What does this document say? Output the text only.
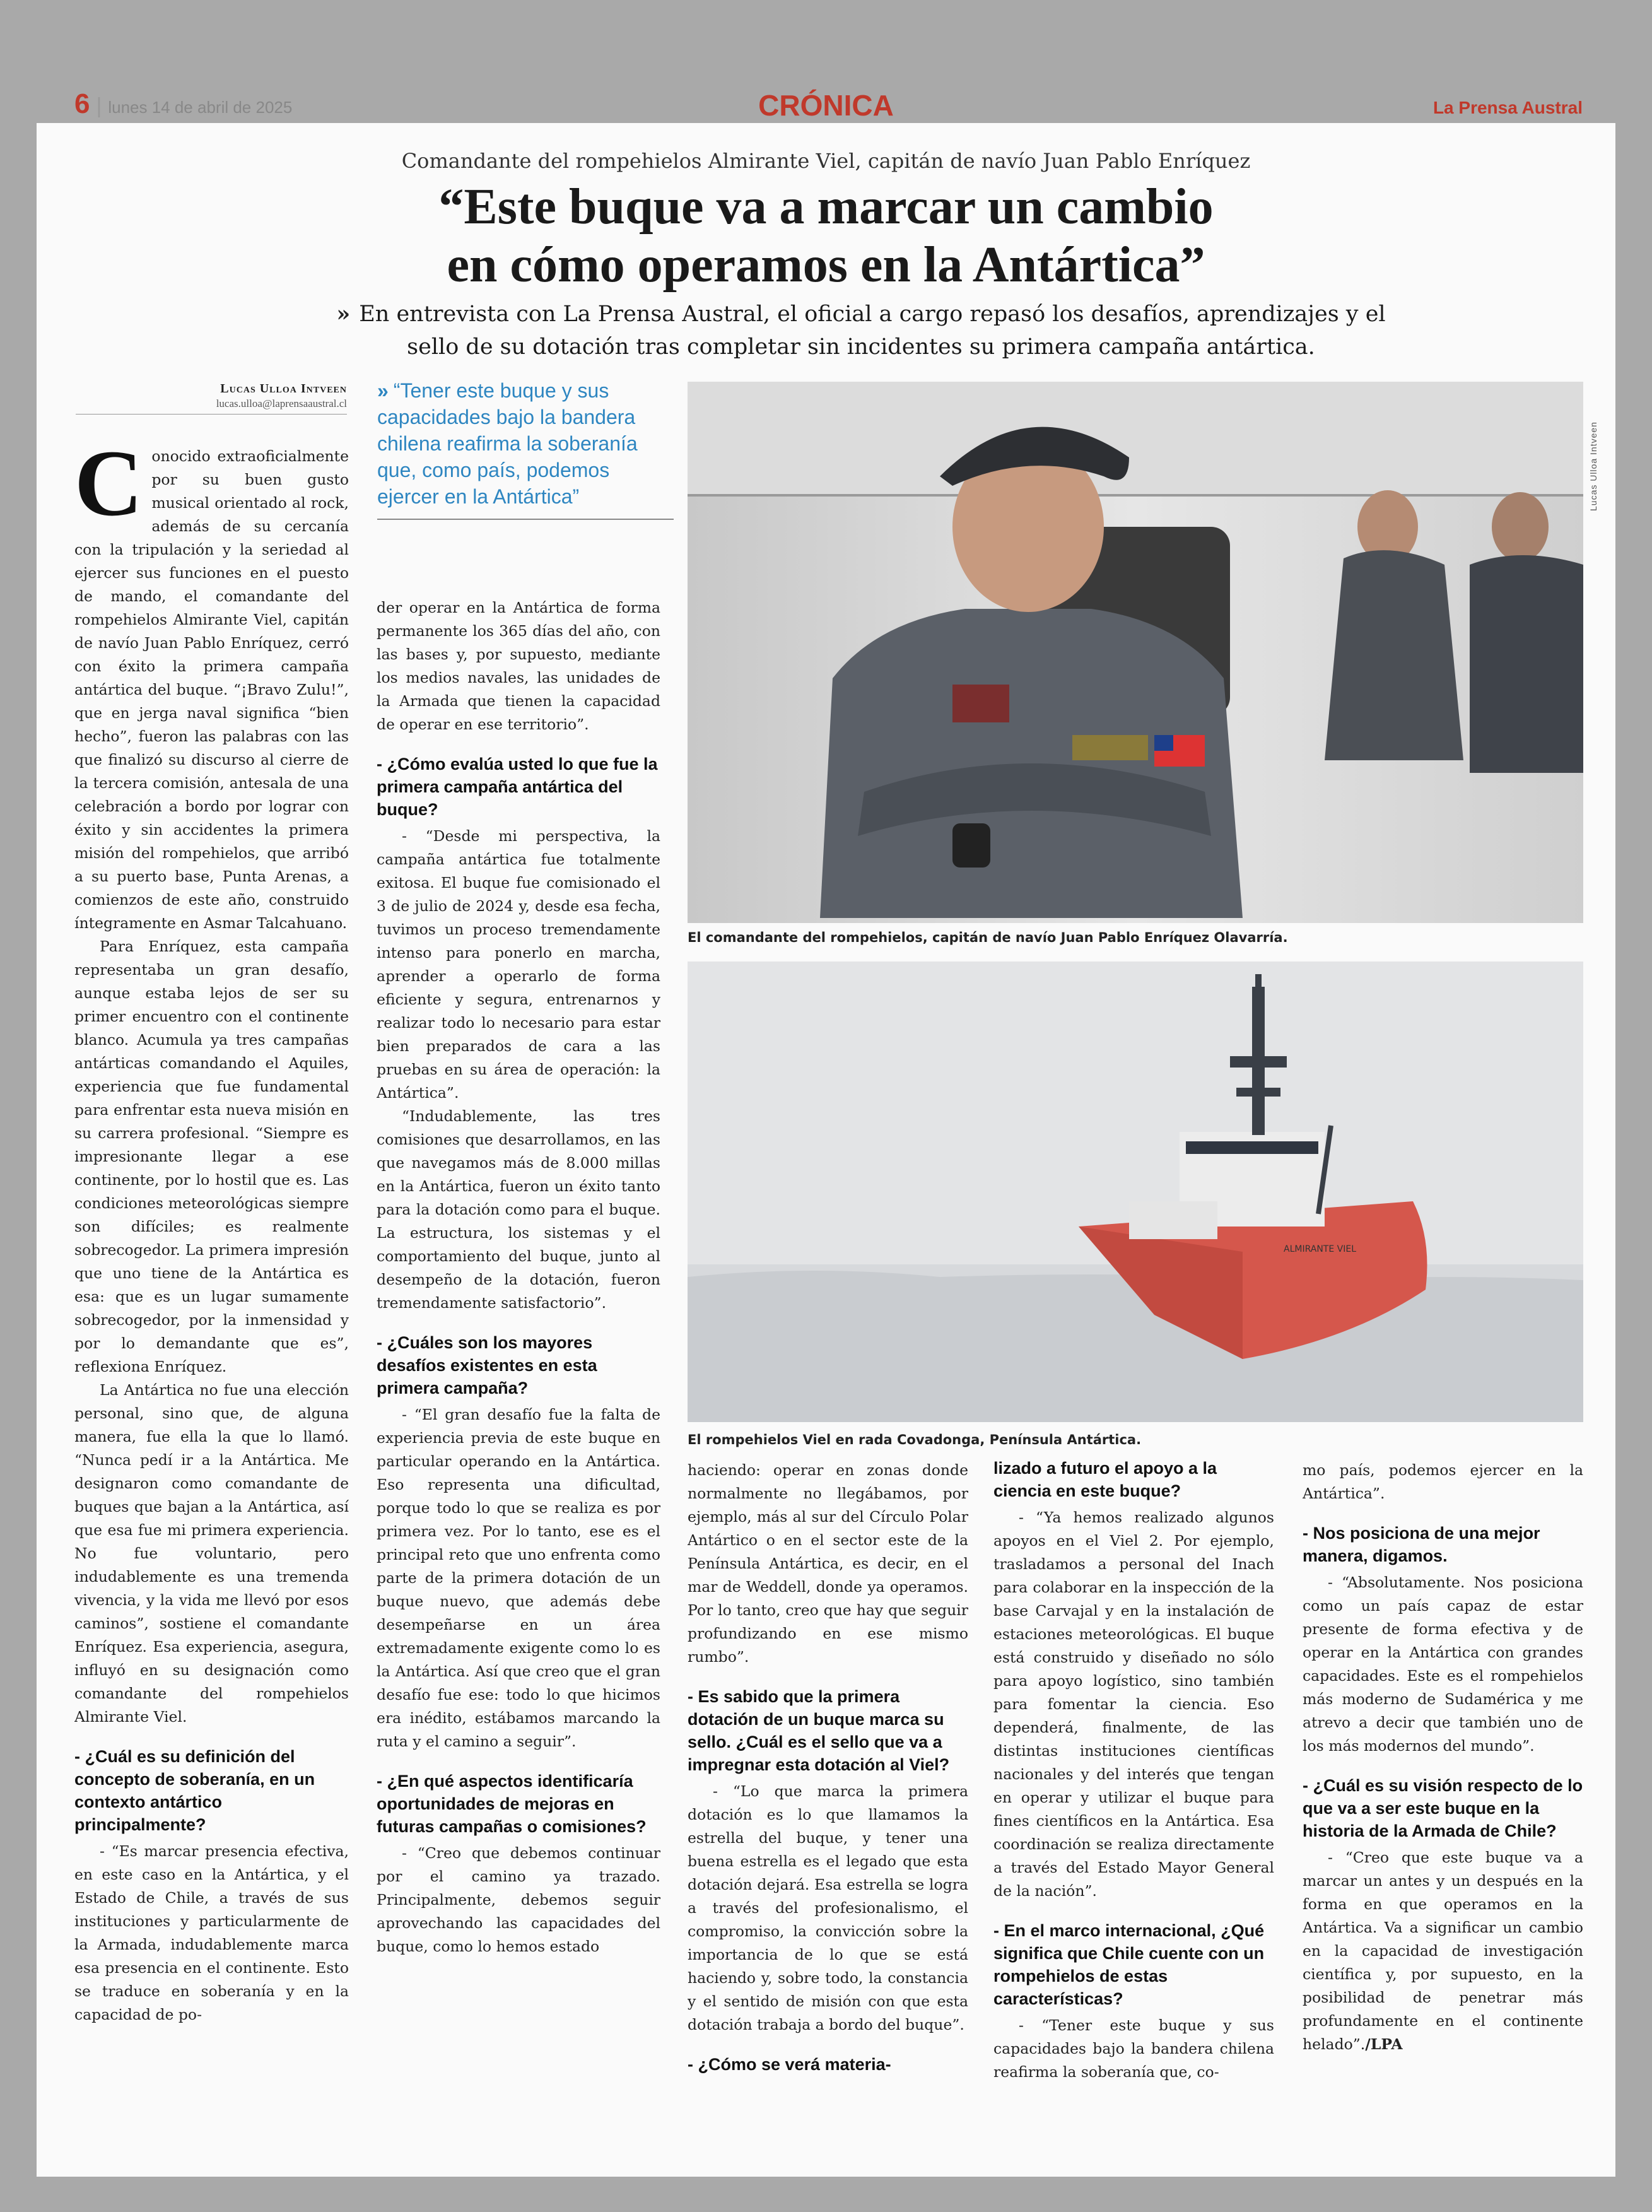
6 | lunes 14 de abril de 2025	CRÓNICA	La Prensa Austral
Comandante del rompehielos Almirante Viel, capitán de navío Juan Pablo Enríquez
“Este buque va a marcar un cambio
en cómo operamos en la Antártica”
» En entrevista con La Prensa Austral, el oficial a cargo repasó los desafíos, aprendizajes y el sello de su dotación tras completar sin incidentes su primera campaña antártica.
Lucas Ulloa Intveen
lucas.ulloa@laprensaaustral.cl
» “Tener este buque y sus capacidades bajo la bandera chilena reafirma la soberanía que, como país, podemos ejercer en la Antártica”

Conocido extraoficialmente por su buen gusto musical orientado al rock, además de su cercanía con la tripulación y la seriedad al ejercer sus funciones en el puesto de mando, el comandante del rompehielos Almirante Viel, capitán de navío Juan Pablo Enríquez, cerró con éxito la primera campaña antártica del buque. “¡Bravo Zulu!”, que en jerga naval significa “bien hecho”, fueron las palabras con las que finalizó su discurso al cierre de la tercera comisión, antesala de una celebración a bordo por lograr con éxito y sin accidentes la primera misión del rompehielos, que arribó a su puerto base, Punta Arenas, a comienzos de este año, construido íntegramente en Asmar Talcahuano.

Para Enríquez, esta campaña representaba un gran desafío, aunque estaba lejos de ser su primer encuentro con el continente blanco. Acumula ya tres campañas antárticas comandando el Aquiles, experiencia que fue fundamental para enfrentar esta nueva misión en su carrera profesional. “Siempre es impresionante llegar a ese continente, por lo hostil que es. Las condiciones meteorológicas siempre son difíciles; es realmente sobrecogedor. La primera impresión que uno tiene de la Antártica es esa: que es un lugar sumamente sobrecogedor, por la inmensidad y por lo demandante que es”, reflexiona Enríquez.

La Antártica no fue una elección personal, sino que, de alguna manera, fue ella la que lo llamó. “Nunca pedí ir a la Antártica. Me designaron como comandante de buques que bajan a la Antártica, así que esa fue mi primera experiencia. No fue voluntario, pero indudablemente es una tremenda vivencia, y la vida me llevó por esos caminos”, sostiene el comandante Enríquez. Esa experiencia, asegura, influyó en su designación como comandante del rompehielos Almirante Viel.

- ¿Cuál es su definición del concepto de soberanía, en un contexto antártico principalmente?

- “Es marcar presencia efectiva, en este caso en la Antártica, y el Estado de Chile, a través de sus instituciones y particularmente de la Armada, indudablemente marca esa presencia en el continente. Esto se traduce en soberanía y en la capacidad de po-

der operar en la Antártica de forma permanente los 365 días del año, con las bases y, por supuesto, mediante los medios navales, las unidades de la Armada que tienen la capacidad de operar en ese territorio”.

- ¿Cómo evalúa usted lo que fue la primera campaña antártica del buque?

- “Desde mi perspectiva, la campaña antártica fue totalmente exitosa. El buque fue comisionado el 3 de julio de 2024 y, desde esa fecha, tuvimos un proceso tremendamente intenso para ponerlo en marcha, aprender a operarlo de forma eficiente y segura, entrenarnos y realizar todo lo necesario para estar bien preparados de cara a las pruebas en su área de operación: la Antártica”.

“Indudablemente, las tres comisiones que desarrollamos, en las que navegamos más de 8.000 millas en la Antártica, fueron un éxito tanto para la dotación como para el buque. La estructura, los sistemas y el comportamiento del buque, junto al desempeño de la dotación, fueron tremendamente satisfactorio”.

- ¿Cuáles son los mayores desafíos existentes en esta primera campaña?

- “El gran desafío fue la falta de experiencia previa de este buque en particular operando en la Antártica. Eso representa una dificultad, porque todo lo que se realiza es por primera vez. Por lo tanto, ese es el principal reto que uno enfrenta como parte de la primera dotación de un buque nuevo, que además debe desempeñarse en un área extremadamente exigente como lo es la Antártica. Así que creo que el gran desafío fue ese: todo lo que hicimos era inédito, estábamos marcando la ruta y el camino a seguir”.

- ¿En qué aspectos identificaría oportunidades de mejoras en futuras campañas o comisiones?

- “Creo que debemos continuar por el camino ya trazado. Principalmente, debemos seguir aprovechando las capacidades del buque, como lo hemos estado

El comandante del rompehielos, capitán de navío Juan Pablo Enríquez Olavarría.
Lucas Ulloa Intveen
ALMIRANTE VIEL
El rompehielos Viel en rada Covadonga, Península Antártica.

haciendo: operar en zonas donde normalmente no llegábamos, por ejemplo, más al sur del Círculo Polar Antártico o en el sector este de la Península Antártica, es decir, en el mar de Weddell, donde ya operamos. Por lo tanto, creo que hay que seguir profundizando en ese mismo rumbo”.

- Es sabido que la primera dotación de un buque marca su sello. ¿Cuál es el sello que va a impregnar esta dotación al Viel?

- “Lo que marca la primera dotación es lo que llamamos la estrella del buque, y tener una buena estrella es el legado que esta dotación dejará. Esa estrella se logra a través del profesionalismo, el compromiso, la convicción sobre la importancia de lo que se está haciendo y, sobre todo, la constancia y el sentido de misión con que esta dotación trabaja a bordo del buque”.

- ¿Cómo se verá materia-
lizado a futuro el apoyo a la ciencia en este buque?

- “Ya hemos realizado algunos apoyos en el Viel 2. Por ejemplo, trasladamos a personal del Inach para colaborar en la inspección de la base Carvajal y en la instalación de estaciones meteorológicas. El buque está construido y diseñado no sólo para apoyo logístico, sino también para fomentar la ciencia. Eso dependerá, finalmente, de las distintas instituciones científicas nacionales y del interés que tengan en operar y utilizar el buque para fines científicos en la Antártica. Esa coordinación se realiza directamente a través del Estado Mayor General de la nación”.

- En el marco internacional, ¿Qué significa que Chile cuente con un rompehielos de estas características?

- “Tener este buque y sus capacidades bajo la bandera chilena reafirma la soberanía que, co-

mo país, podemos ejercer en la Antártica”.

- Nos posiciona de una mejor manera, digamos.

- “Absolutamente. Nos posiciona como un país capaz de estar presente de forma efectiva y de operar en la Antártica con grandes capacidades. Este es el rompehielos más moderno de Sudamérica y me atrevo a decir que también uno de los más modernos del mundo”.

- ¿Cuál es su visión respecto de lo que va a ser este buque en la historia de la Armada de Chile?

- “Creo que este buque va a marcar un antes y un después en la forma en que operamos en la Antártica. Va a significar un cambio en la capacidad de investigación científica y, por supuesto, en la posibilidad de penetrar más profundamente en el continente helado”./LPA
